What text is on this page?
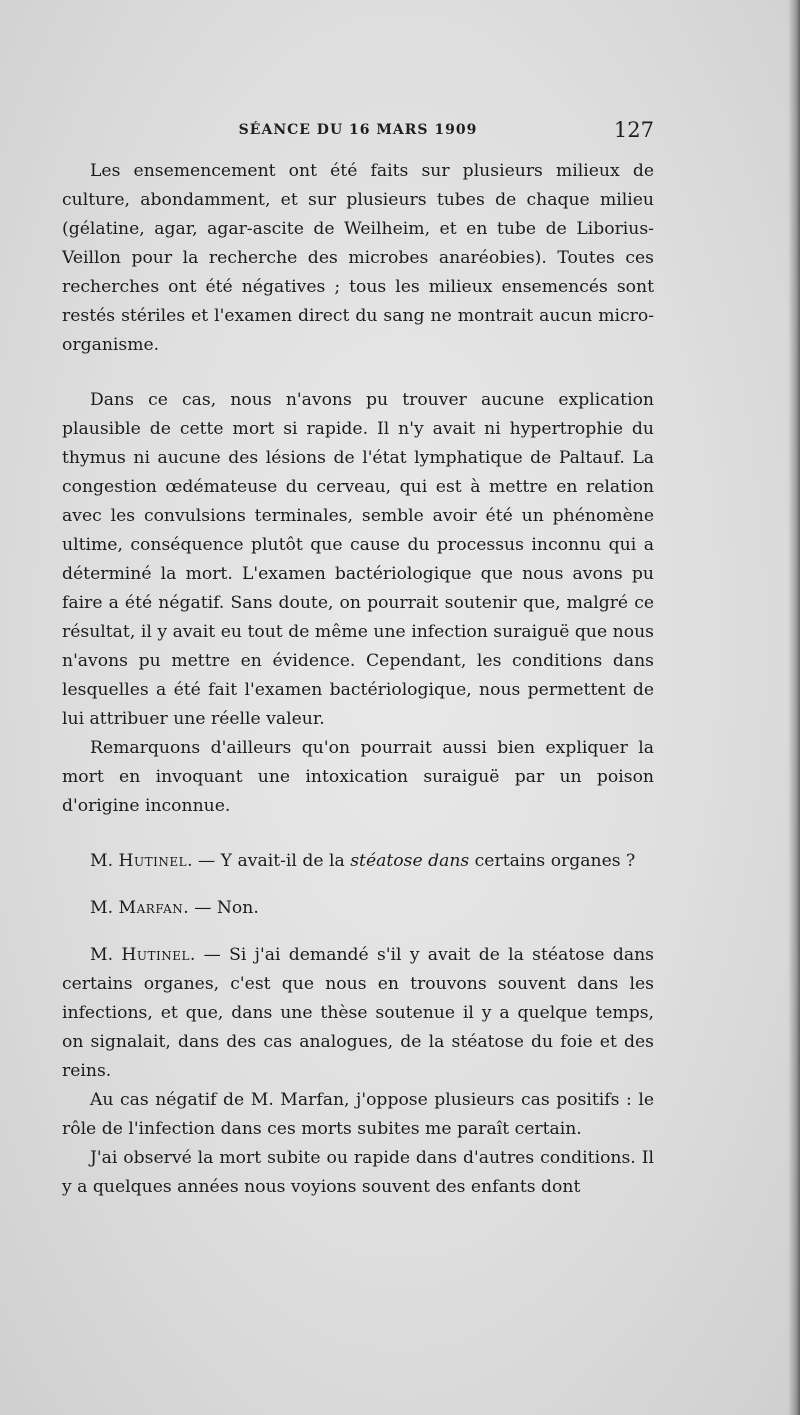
SÉANCE DU 16 MARS 1909	127

Les ensemencement ont été faits sur plusieurs milieux de culture, abondamment, et sur plusieurs tubes de chaque milieu (gélatine, agar, agar-ascite de Weilheim, et en tube de Liborius-Veillon pour la recherche des microbes anaréobies). Toutes ces recherches ont été négatives ; tous les milieux ensemencés sont restés stériles et l'examen direct du sang ne montrait aucun micro-organisme.

Dans ce cas, nous n'avons pu trouver aucune explication plausible de cette mort si rapide. Il n'y avait ni hypertrophie du thymus ni aucune des lésions de l'état lymphatique de Paltauf. La congestion œdémateuse du cerveau, qui est à mettre en relation avec les convulsions terminales, semble avoir été un phénomène ultime, conséquence plutôt que cause du processus inconnu qui a déterminé la mort. L'examen bactériologique que nous avons pu faire a été négatif. Sans doute, on pourrait soutenir que, malgré ce résultat, il y avait eu tout de même une infection suraiguë que nous n'avons pu mettre en évidence. Cependant, les conditions dans lesquelles a été fait l'examen bactériologique, nous permettent de lui attribuer une réelle valeur.

Remarquons d'ailleurs qu'on pourrait aussi bien expliquer la mort en invoquant une intoxication suraiguë par un poison d'origine inconnue.

M. Hutinel. — Y avait-il de la stéatose dans certains organes ?

M. Marfan. — Non.

M. Hutinel. — Si j'ai demandé s'il y avait de la stéatose dans certains organes, c'est que nous en trouvons souvent dans les infections, et que, dans une thèse soutenue il y a quelque temps, on signalait, dans des cas analogues, de la stéatose du foie et des reins.

Au cas négatif de M. Marfan, j'oppose plusieurs cas positifs : le rôle de l'infection dans ces morts subites me paraît certain.

J'ai observé la mort subite ou rapide dans d'autres conditions. Il y a quelques années nous voyions souvent des enfants dont
